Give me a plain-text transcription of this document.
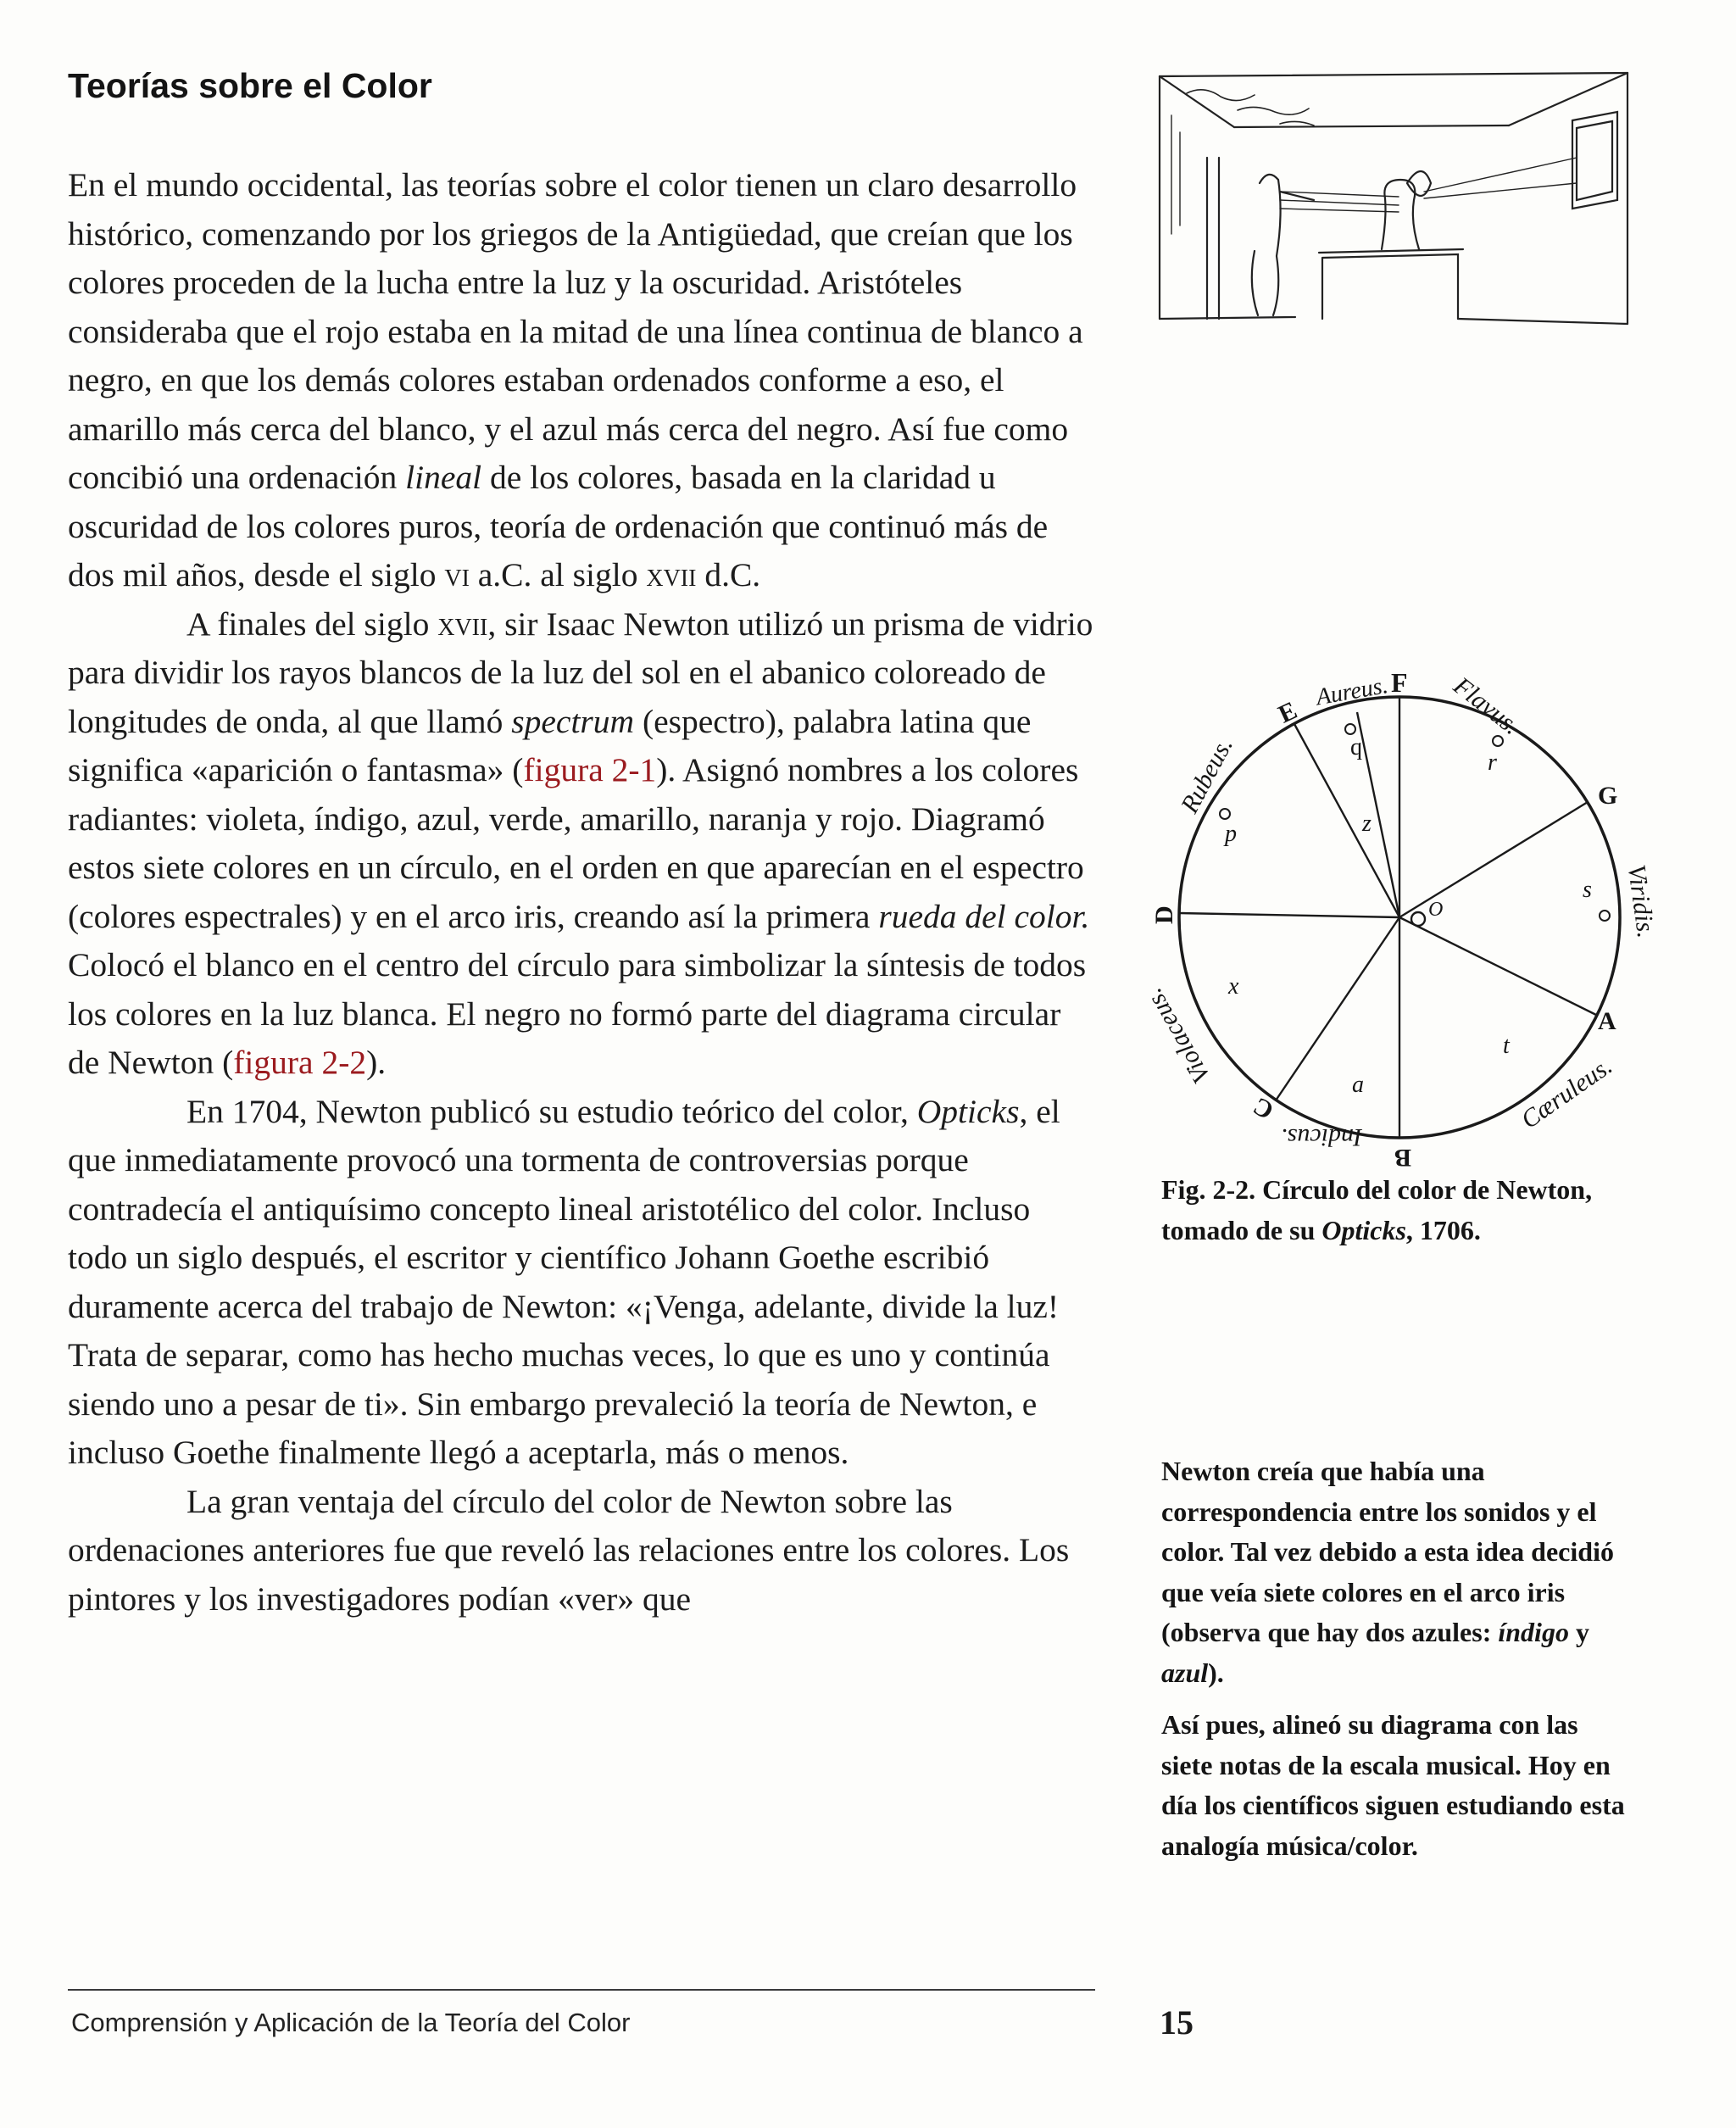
Teorías sobre el Color

En el mundo occidental, las teorías sobre el color tienen un claro desarrollo histórico, comenzando por los griegos de la Antigüedad, que creían que los colores proceden de la lucha entre la luz y la oscuridad. Aristóteles consideraba que el rojo estaba en la mitad de una línea continua de blanco a negro, en que los demás colores estaban ordenados conforme a eso, el amarillo más cerca del blanco, y el azul más cerca del negro. Así fue como concibió una ordenación lineal de los colores, basada en la claridad u oscuridad de los colores puros, teoría de ordenación que continuó más de dos mil años, desde el siglo vi a.C. al siglo xvii d.C.

A finales del siglo xvii, sir Isaac Newton utilizó un prisma de vidrio para dividir los rayos blancos de la luz del sol en el abanico coloreado de longitudes de onda, al que llamó spectrum (espectro), palabra latina que significa «aparición o fantasma» (figura 2-1). Asignó nombres a los colores radiantes: violeta, índigo, azul, verde, amarillo, naranja y rojo. Diagramó estos siete colores en un círculo, en el orden en que aparecían en el espectro (colores espectrales) y en el arco iris, creando así la primera rueda del color. Colocó el blanco en el centro del círculo para simbolizar la síntesis de todos los colores en la luz blanca. El negro no formó parte del diagrama circular de Newton (figura 2-2).

En 1704, Newton publicó su estudio teórico del color, Opticks, el que inmediatamente provocó una tormenta de controversias porque contradecía el antiquísimo concepto lineal aristotélico del color. Incluso todo un siglo después, el escritor y científico Johann Goethe escribió duramente acerca del trabajo de Newton: «¡Venga, adelante, divide la luz! Trata de separar, como has hecho muchas veces, lo que es uno y continúa siendo uno a pesar de ti». Sin embargo prevaleció la teoría de Newton, e incluso Goethe finalmente llegó a aceptarla, más o menos.

La gran ventaja del círculo del color de Newton sobre las ordenaciones anteriores fue que reveló las relaciones entre los colores. Los pintores y los investigadores podían «ver» que

F
G
A
B
C
D
E
q
r
s
t
a
x
p	z
O
Flavus.
Viridis.
Cæruleus.
Indicus.
Violaceus.
Rubeus.
Aureus.
Fig. 2-2. Círculo del color de Newton, tomado de su Opticks, 1706.

Newton creía que había una correspondencia entre los sonidos y el color. Tal vez debido a esta idea decidió que veía siete colores en el arco iris (observa que hay dos azules: índigo y azul).

Así pues, alineó su diagrama con las siete notas de la escala musical. Hoy en día los científicos siguen estudiando esta analogía música/color.

Comprensión y Aplicación de la Teoría del Color	15
